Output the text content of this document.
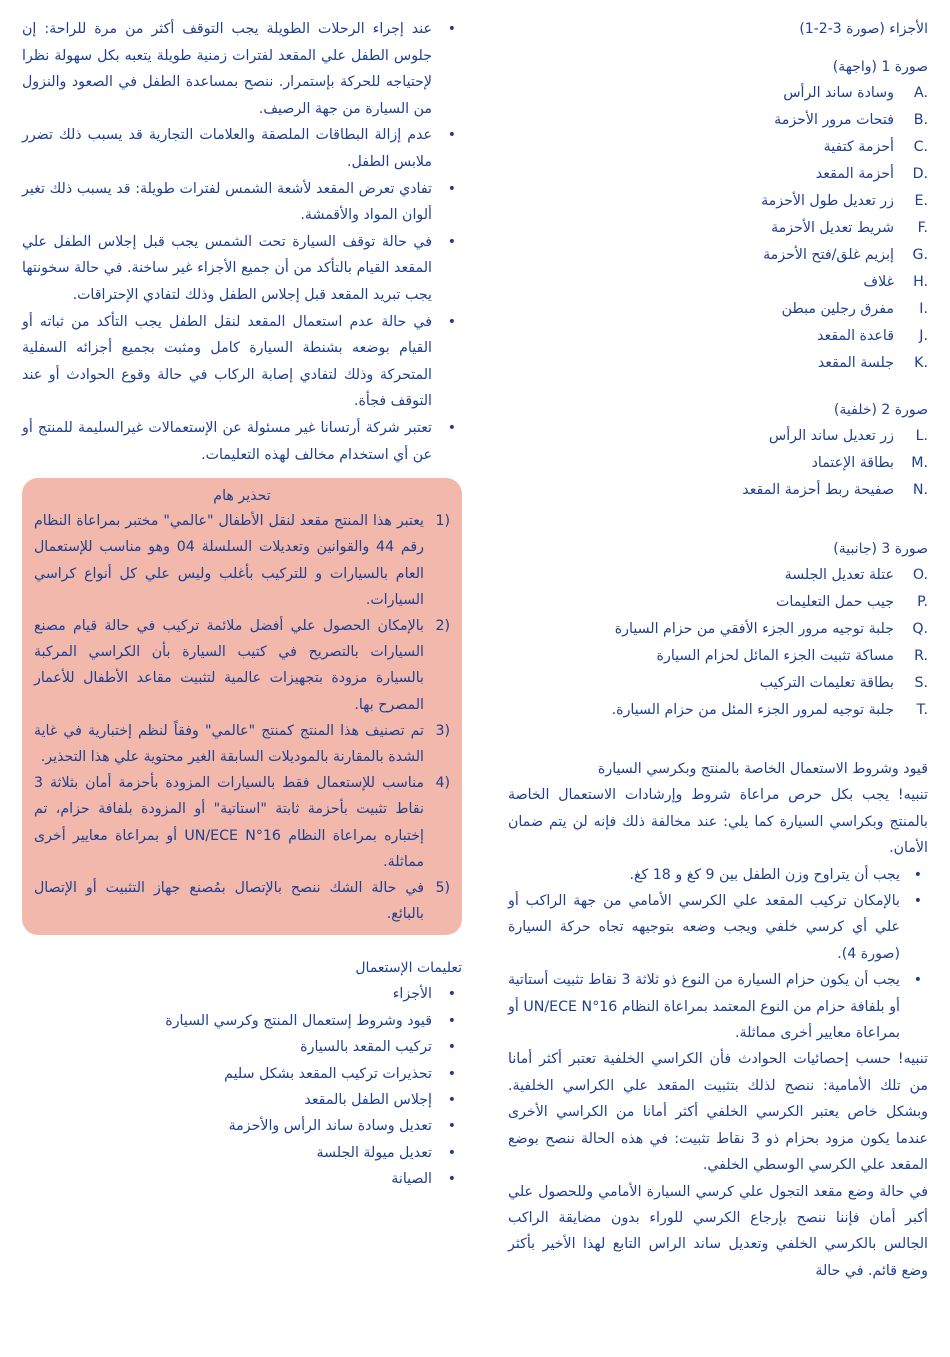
الأجزاء (صورة 3-2-1)
صورة 1 (واجهة)
A.
وسادة ساند الرأس
B.
فتحات مرور الأحزمة
C.
أحزمة كتفية
D.
أحزمة المقعد
E.
زر تعديل طول الأحزمة
F.
شريط تعديل الأحزمة
G.
إبزيم غلق/فتح الأحزمة
H.
غلاف
I.
مفرق رجلين مبطن
J.
قاعدة المقعد
K.
جلسة المقعد
صورة 2 (خلفية)
L.
زر تعديل ساند الرأس
M.
بطاقة الإعتماد
N.
صفيحة ربط أحزمة المقعد
صورة 3 (جانبية)
O.
عتلة تعديل الجلسة
P.
جيب حمل التعليمات
Q.
جلبة توجيه مرور الجزء الأفقي من حزام السيارة
R.
مساكة تثبيت الجزء المائل لحزام السيارة
S.
بطاقة تعليمات التركيب
T.
جلبة توجيه لمرور الجزء المئل من حزام السيارة.
قيود وشروط الاستعمال الخاصة بالمنتج وبكرسي السيارة
تنبيه! يجب بكل حرص مراعاة شروط وإرشادات الاستعمال الخاصة بالمنتج وبكراسي السيارة كما يلي: عند مخالفة ذلك فإنه لن يتم ضمان الأمان.
•
يجب أن يتراوح وزن الطفل بين 9 كغ و 18 كغ.
•
بالإمكان تركيب المقعد علي الكرسي الأمامي من جهة الراكب أو علي أي كرسي خلفي ويجب وضعه بتوجيهه تجاه حركة السيارة (صورة 4).
•
يجب أن يكون حزام السيارة من النوع ذو ثلاثة 3 نقاط تثبيت أستاتية أو بلفافة حزام من النوع المعتمد بمراعاة النظام 16°UN/ECE N أو بمراعاة معايير أخرى مماثلة.
تنبيه! حسب إحصائيات الحوادث فأن الكراسي الخلفية تعتبر أكثر أمانا من تلك الأمامية: ننصح لذلك بتثبيت المقعد علي الكراسي الخلفية. وبشكل خاص يعتبر الكرسي الخلفي أكثر أمانا من الكراسي الأخرى عندما يكون مزود بحزام ذو 3 نقاط تثبيت: في هذه الحالة ننصح بوضع المقعد علي الكرسي الوسطي الخلفي.
في حالة وضع مقعد التجول علي كرسي السيارة الأمامي وللحصول علي أكبر أمان فإننا ننصح بإرجاع الكرسي للوراء بدون مضايقة الراكب الجالس بالكرسي الخلفي وتعديل ساند الراس التابع لهذا الأخير بأكثر وضع قائم. في حالة
•
عند إجراء الرحلات الطويلة يجب التوقف أكثر من مرة للراحة: إن جلوس الطفل علي المقعد لفترات زمنية طويلة يتعبه بكل سهولة نظرا لإحتياجه للحركة بإستمرار. ننصح بمساعدة الطفل في الصعود والنزول من السيارة من جهة الرصيف.
•
عدم إزالة البطاقات الملصقة والعلامات التجارية قد يسبب ذلك تضرر ملابس الطفل.
•
تفادي تعرض المقعد لأشعة الشمس لفترات طويلة: قد يسبب ذلك تغير ألوان المواد والأقمشة.
•
في حالة توقف السيارة تحت الشمس يجب قبل إجلاس الطفل علي المقعد القيام بالتأكد من أن جميع الأجزاء غير ساخنة. في حالة سخونتها يجب تبريد المقعد قبل إجلاس الطفل وذلك لتفادي الإحتراقات.
•
في حالة عدم استعمال المقعد لنقل الطفل يجب التأكد من ثباته أو القيام بوضعه بشنطة السيارة كامل ومثبت بجميع أجزائه السفلية المتحركة وذلك لتفادي إصابة الركاب في حالة وقوع الحوادث أو عند التوقف فجأة.
•
تعتبر شركة أرتسانا غير مسئولة عن الإستعمالات غيرالسليمة للمنتج أو عن أي استخدام مخالف لهذه التعليمات.
تحذير هام
1)
يعتبر هذا المنتج مقعد لنقل الأطفال "عالمي" مختبر بمراعاة النظام رقم 44 والقوانين وتعديلات السلسلة 04 وهو مناسب للإستعمال العام بالسيارات و للتركيب بأغلب وليس علي كل أنواع كراسي السيارات.
2)
بالإمكان الحصول علي أفضل ملائمة تركيب في حالة قيام مصنع السيارات بالتصريح في كتيب السيارة بأن الكراسي المركبة بالسيارة مزودة بتجهيزات عالمية لتثبيت مقاعد الأطفال للأعمار المصرح بها.
3)
تم تصنيف هذا المنتج كمنتج "عالمي" وفقاً لنظم إختبارية في غاية الشدة بالمقارنة بالموديلات السابقة الغير محتوية علي هذا التحذير.
4)
مناسب للإستعمال فقط بالسيارات المزودة بأحزمة أمان بثلاثة 3 نقاط تثبيت بأحزمة ثابتة "استاتية" أو المزودة بلفافة حزام، تم إختباره بمراعاة النظام 16°UN/ECE N أو بمراعاة معايير أخرى مماثلة.
5)
في حالة الشك ننصح بالإتصال بمُصنع جهاز التثبيت أو الإتصال بالبائع.
تعليمات الإستعمال
•
الأجزاء
•
قيود وشروط إستعمال المنتج وكرسي السيارة
•
تركيب المقعد بالسيارة
•
تحذيرات تركيب المقعد بشكل سليم
•
إجلاس الطفل بالمقعد
•
تعديل وسادة ساند الرأس والأحزمة
•
تعديل ميولة الجلسة
•
الصيانة
